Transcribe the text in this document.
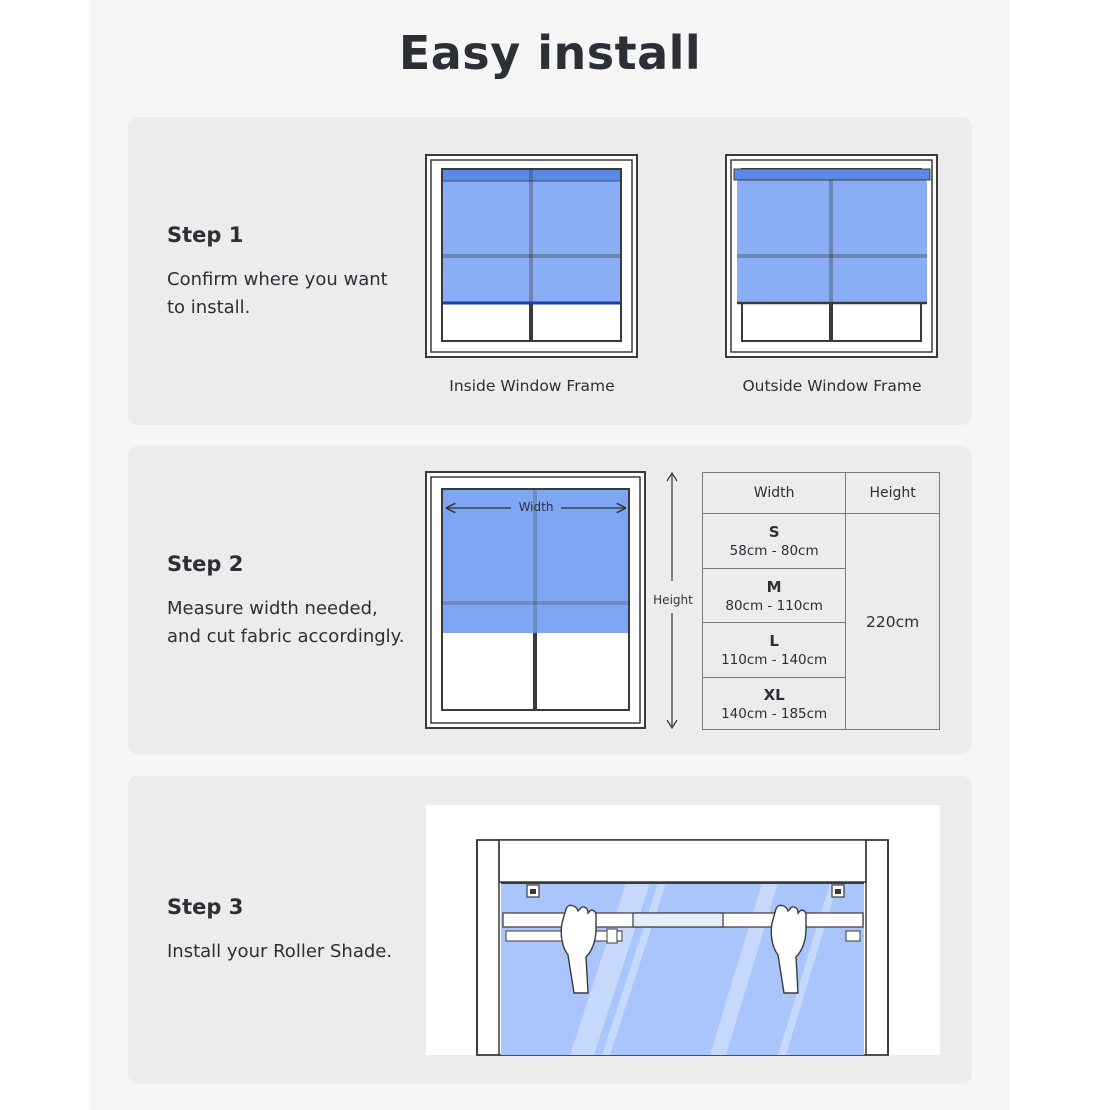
Easy install
Step 1
Confirm where you want
to install.
Inside Window Frame	Outside Window Frame
Step 2
Measure width needed,
and cut fabric accordingly.
Width
Height
Width	Height

S
58cm - 80cm	220cm

M
80cm - 110cm	

L
110cm - 140cm	

XL
140cm - 185cm	
Step 3
Install your Roller Shade.
